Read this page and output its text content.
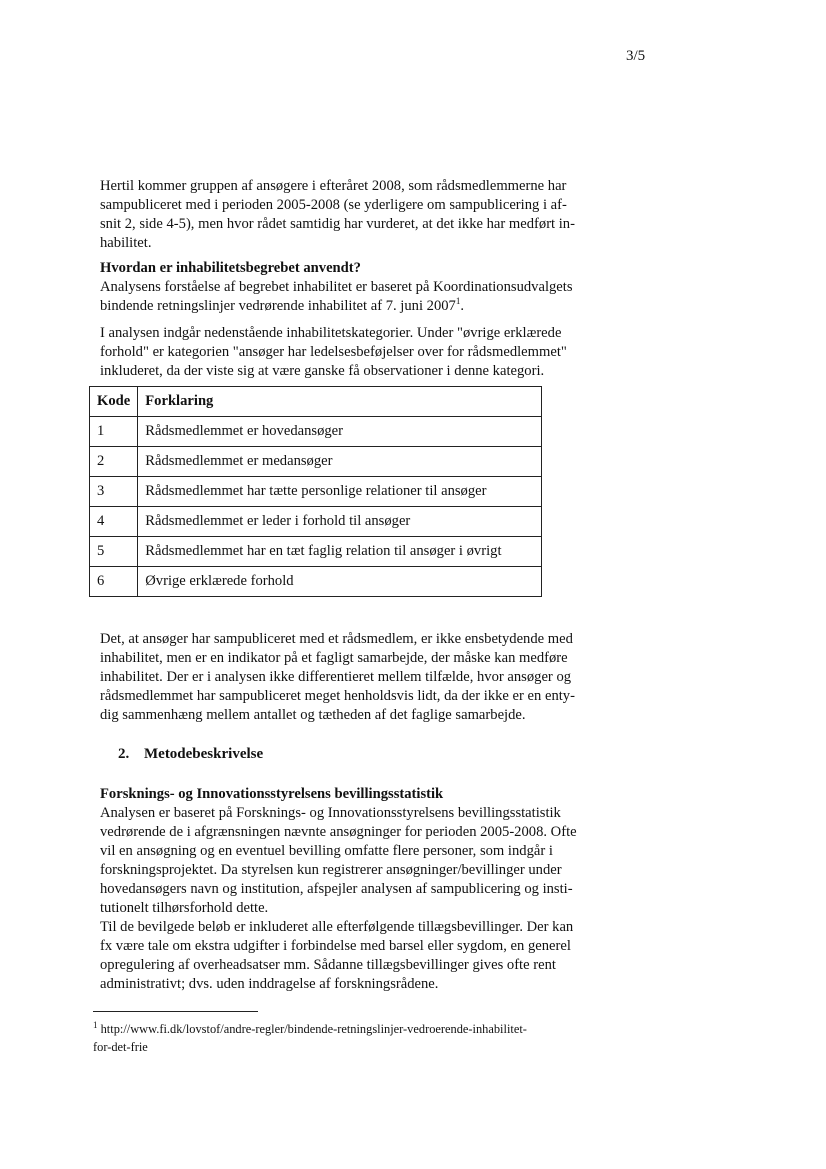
3/5

Hertil kommer gruppen af ansøgere i efteråret 2008, som rådsmedlemmerne har
sampubliceret med i perioden 2005-2008 (se yderligere om sampublicering i af-
snit 2, side 4-5), men hvor rådet samtidig har vurderet, at det ikke har medført in-
habilitet.

Hvordan er inhabilitetsbegrebet anvendt?
Analysens forståelse af begrebet inhabilitet er baseret på Koordinationsudvalgets
bindende retningslinjer vedrørende inhabilitet af 7. juni 2007$^1$.

I analysen indgår nedenstående inhabilitetskategorier. Under "øvrige erklærede
forhold" er kategorien "ansøger har ledelsesbeføjelser over for rådsmedlemmet"
inkluderet, da der viste sig at være ganske få observationer i denne kategori.

Kode	Forklaring
1	Rådsmedlemmet er hovedansøger
2	Rådsmedlemmet er medansøger
3	Rådsmedlemmet har tætte personlige relationer til ansøger
4	Rådsmedlemmet er leder i forhold til ansøger
5	Rådsmedlemmet har en tæt faglig relation til ansøger i øvrigt
6	Øvrige erklærede forhold

Det, at ansøger har sampubliceret med et rådsmedlem, er ikke ensbetydende med
inhabilitet, men er en indikator på et fagligt samarbejde, der måske kan medføre
inhabilitet. Der er i analysen ikke differentieret mellem tilfælde, hvor ansøger og
rådsmedlemmet har sampubliceret meget henholdsvis lidt, da der ikke er en enty-
dig sammenhæng mellem antallet og tætheden af det faglige samarbejde.

2. Metodebeskrivelse

Forsknings- og Innovationsstyrelsens bevillingsstatistik
Analysen er baseret på Forsknings- og Innovationsstyrelsens bevillingsstatistik
vedrørende de i afgrænsningen nævnte ansøgninger for perioden 2005-2008. Ofte
vil en ansøgning og en eventuel bevilling omfatte flere personer, som indgår i
forskningsprojektet. Da styrelsen kun registrerer ansøgninger/bevillinger under
hovedansøgers navn og institution, afspejler analysen af sampublicering og insti-
tutionelt tilhørsforhold dette.

Til de bevilgede beløb er inkluderet alle efterfølgende tillægsbevillinger. Der kan
fx være tale om ekstra udgifter i forbindelse med barsel eller sygdom, en generel
opregulering af overheadsatser mm. Sådanne tillægsbevillinger gives ofte rent
administrativt; dvs. uden inddragelse af forskningsrådene.

$^1$ http://www.fi.dk/lovstof/andre-regler/bindende-retningslinjer-vedroerende-inhabilitet-
for-det-frie
